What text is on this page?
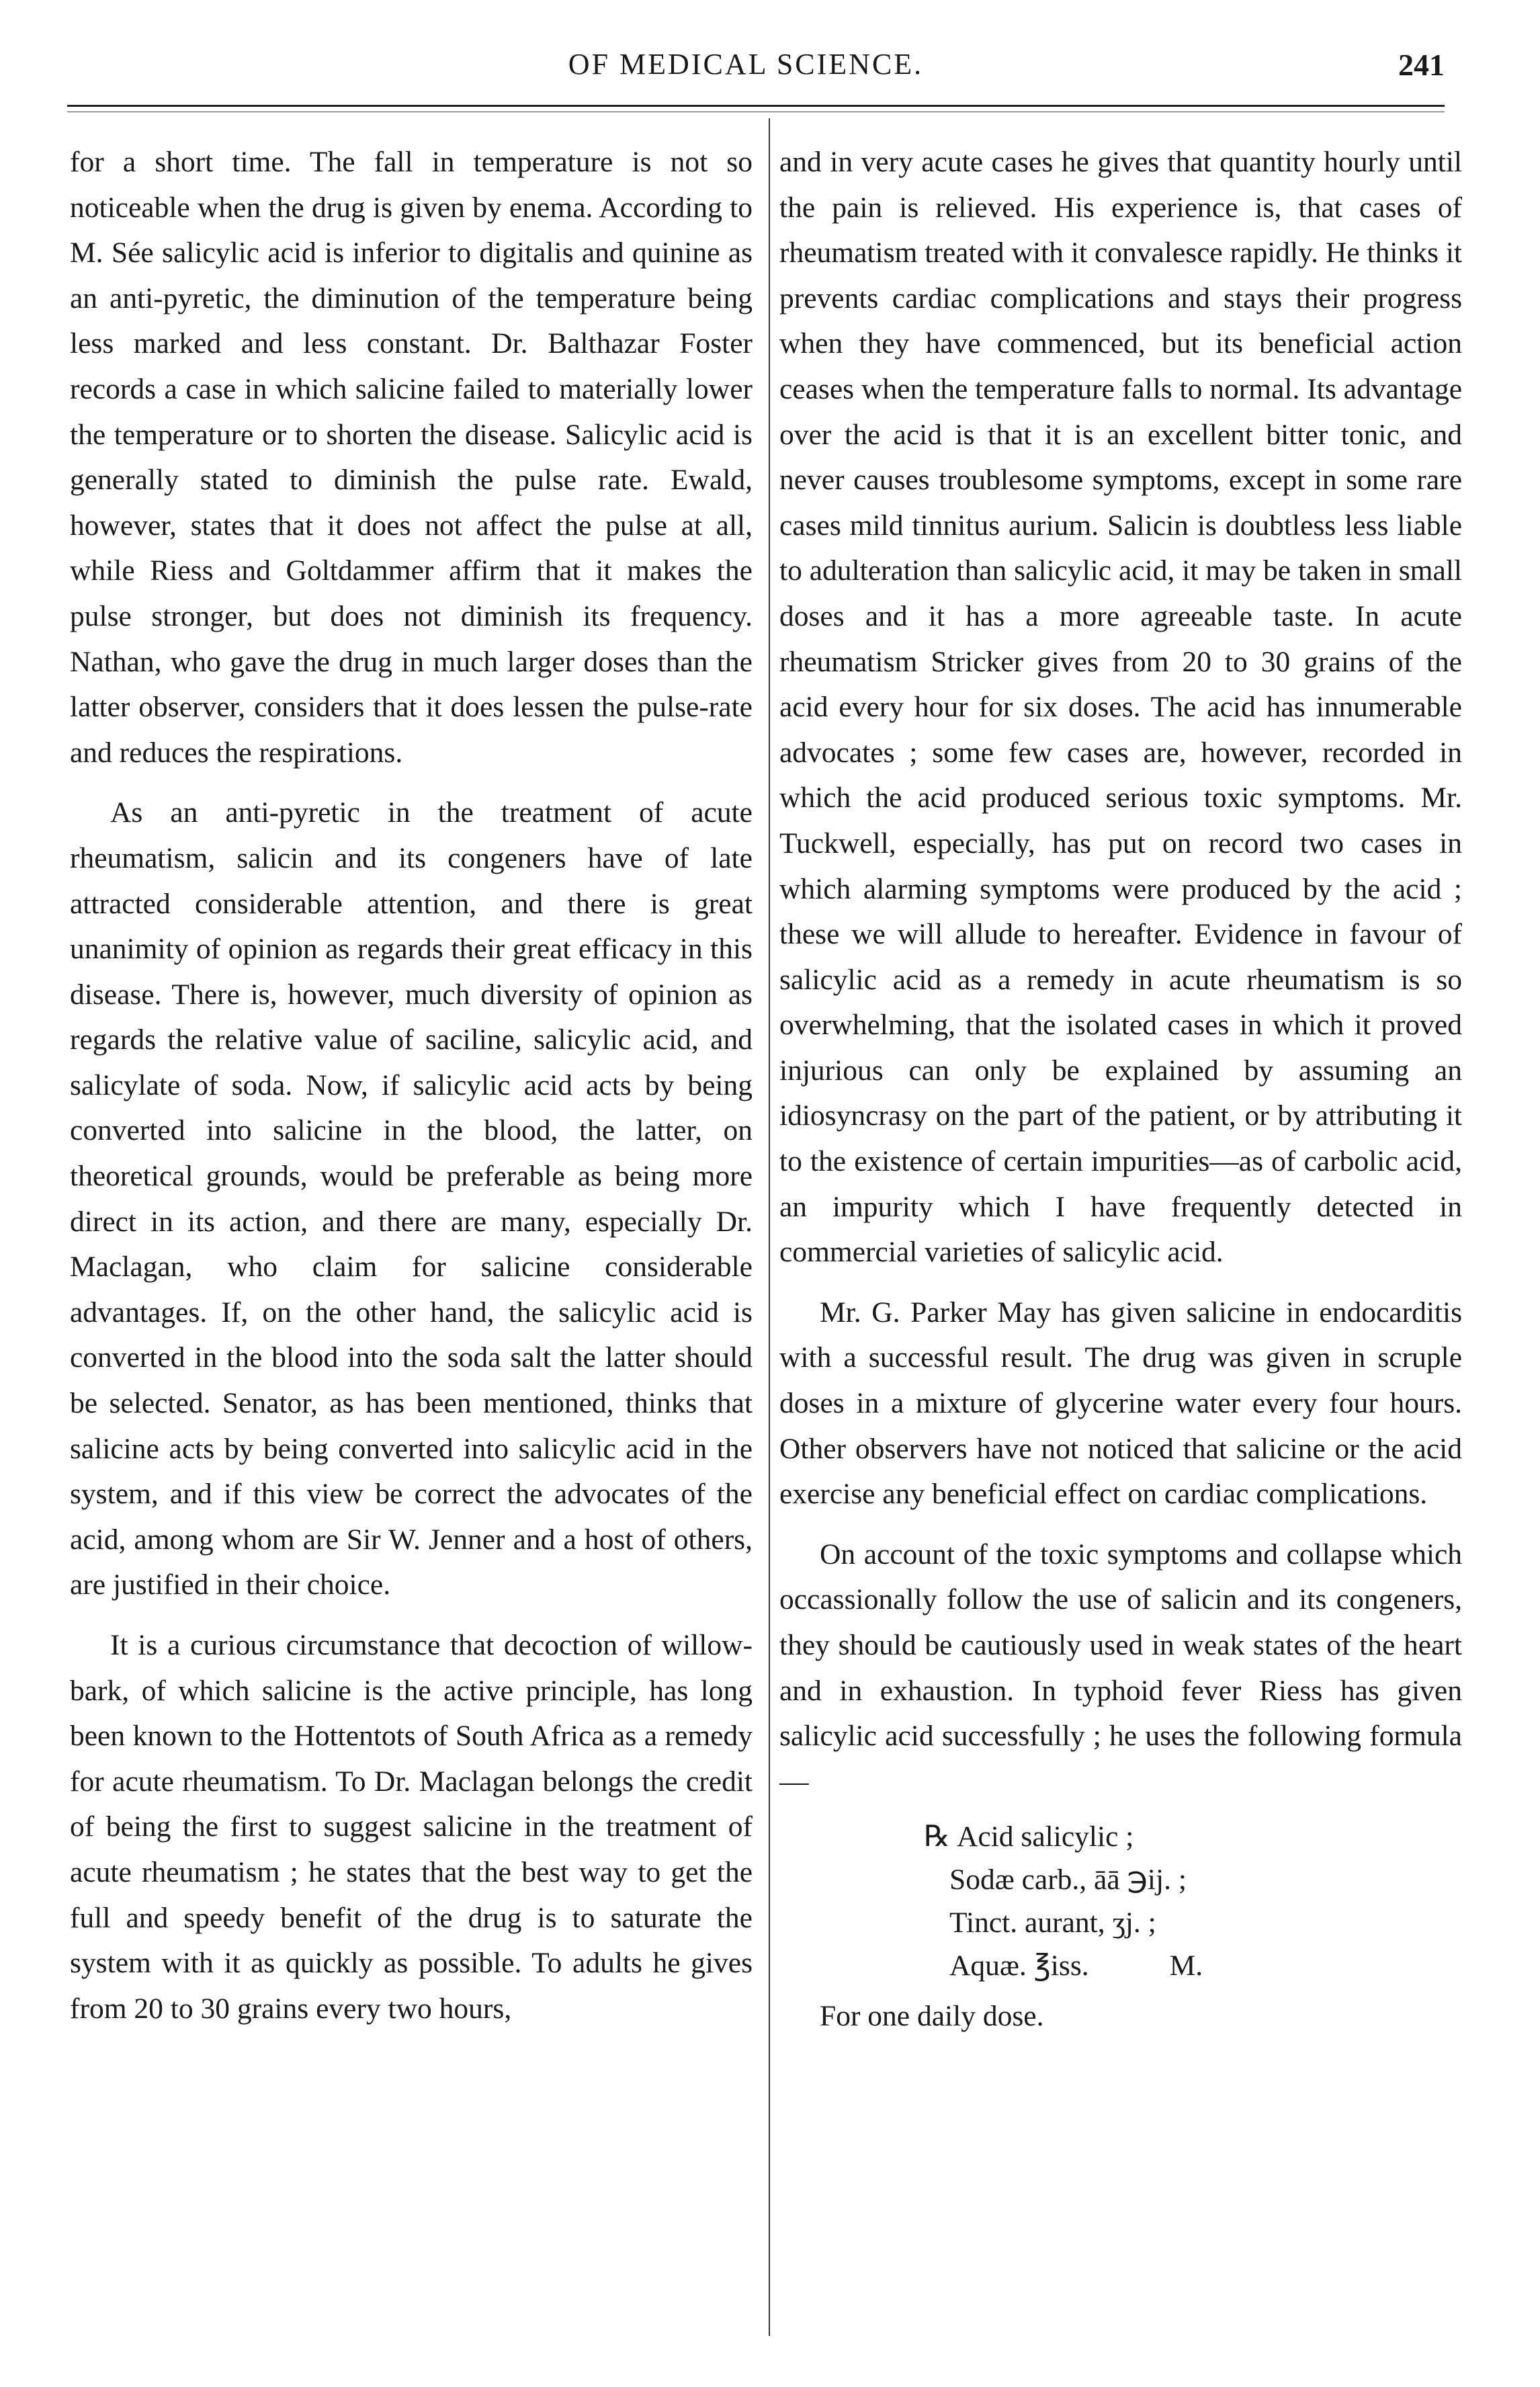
OF MEDICAL SCIENCE.	241

for a short time. The fall in temperature is not so noticeable when the drug is given by enema. According to M. Sée salicylic acid is inferior to digitalis and quinine as an anti-pyretic, the diminution of the temperature being less marked and less constant. Dr. Balthazar Foster records a case in which salicine failed to materially lower the temperature or to shorten the disease. Salicylic acid is generally stated to diminish the pulse rate. Ewald, however, states that it does not affect the pulse at all, while Riess and Goltdammer affirm that it makes the pulse stronger, but does not diminish its frequency. Nathan, who gave the drug in much larger doses than the latter observer, considers that it does lessen the pulse-rate and reduces the respirations.

As an anti-pyretic in the treatment of acute rheumatism, salicin and its congeners have of late attracted considerable attention, and there is great unanimity of opinion as regards their great efficacy in this disease. There is, however, much diversity of opinion as regards the relative value of saciline, salicylic acid, and salicylate of soda. Now, if salicylic acid acts by being converted into salicine in the blood, the latter, on theoretical grounds, would be preferable as being more direct in its action, and there are many, especially Dr. Maclagan, who claim for salicine considerable advantages. If, on the other hand, the salicylic acid is converted in the blood into the soda salt the latter should be selected. Senator, as has been mentioned, thinks that salicine acts by being converted into salicylic acid in the system, and if this view be correct the advocates of the acid, among whom are Sir W. Jenner and a host of others, are justified in their choice.

It is a curious circumstance that decoction of willow-bark, of which salicine is the active principle, has long been known to the Hottentots of South Africa as a remedy for acute rheumatism. To Dr. Maclagan belongs the credit of being the first to suggest salicine in the treatment of acute rheumatism ; he states that the best way to get the full and speedy benefit of the drug is to saturate the system with it as quickly as possible. To adults he gives from 20 to 30 grains every two hours,

and in very acute cases he gives that quantity hourly until the pain is relieved. His experience is, that cases of rheumatism treated with it convalesce rapidly. He thinks it prevents cardiac complications and stays their progress when they have commenced, but its beneficial action ceases when the temperature falls to normal. Its advantage over the acid is that it is an excellent bitter tonic, and never causes troublesome symptoms, except in some rare cases mild tinnitus aurium. Salicin is doubtless less liable to adulteration than salicylic acid, it may be taken in small doses and it has a more agreeable taste. In acute rheumatism Stricker gives from 20 to 30 grains of the acid every hour for six doses. The acid has innumerable advocates ; some few cases are, however, recorded in which the acid produced serious toxic symptoms. Mr. Tuckwell, especially, has put on record two cases in which alarming symptoms were produced by the acid ; these we will allude to hereafter. Evidence in favour of salicylic acid as a remedy in acute rheumatism is so overwhelming, that the isolated cases in which it proved injurious can only be explained by assuming an idiosyncrasy on the part of the patient, or by attributing it to the existence of certain impurities—as of carbolic acid, an impurity which I have frequently detected in commercial varieties of salicylic acid.

Mr. G. Parker May has given salicine in endocarditis with a successful result. The drug was given in scruple doses in a mixture of glycerine water every four hours. Other observers have not noticed that salicine or the acid exercise any beneficial effect on cardiac complications.

On account of the toxic symptoms and collapse which occassionally follow the use of salicin and its congeners, they should be cautiously used in weak states of the heart and in exhaustion. In typhoid fever Riess has given salicylic acid successfully ; he uses the following formula—

℞ Acid salicylic ;
Sodæ carb., āā ℈ij. ;
Tinct. aurant, ʒj. ;
Aquæ. ℥iss.	M.

For one daily dose.
